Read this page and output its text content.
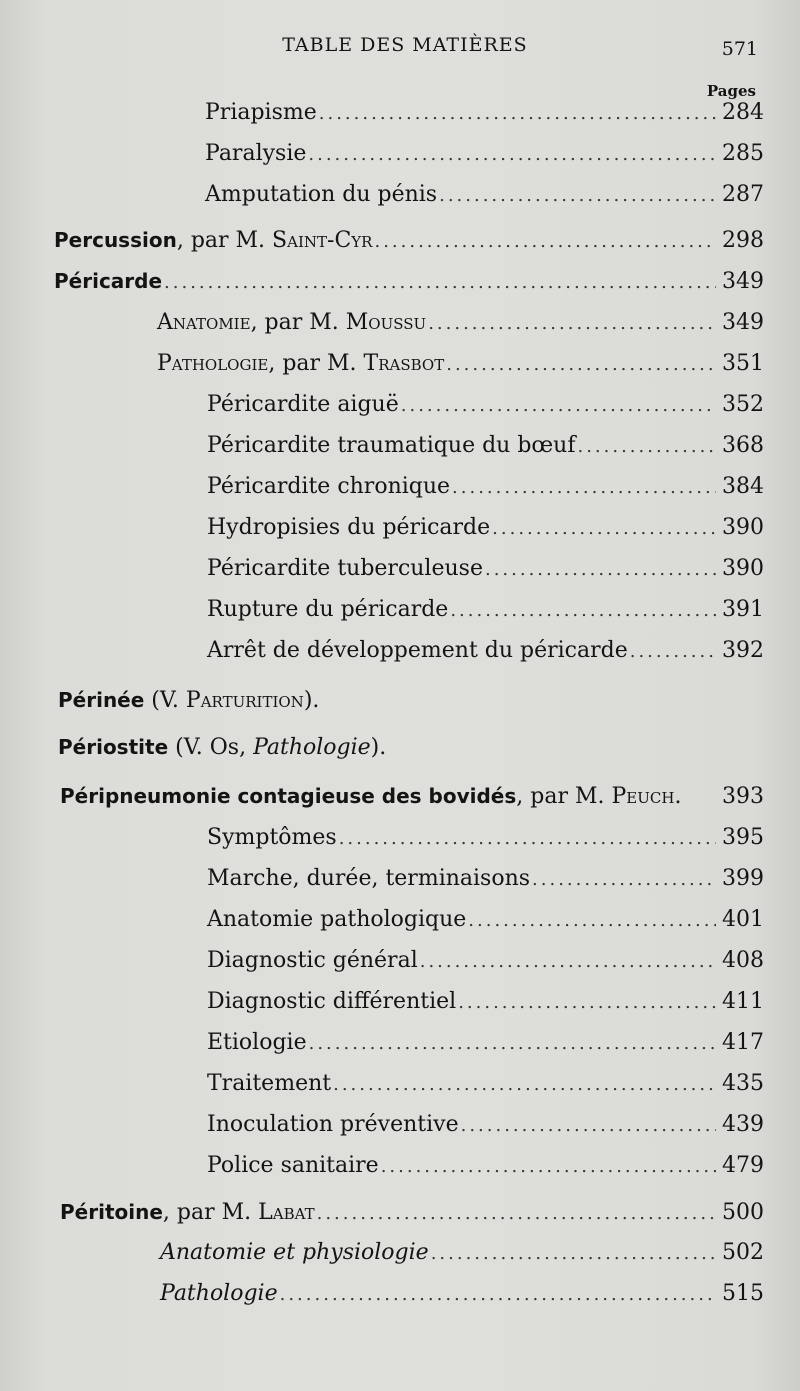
TABLE DES MATIÈRES	571
Pages
Priapisme .....	284
Paralysie .....	285
Amputation du pénis .....	287
Percussion, par M. Saint-Cyr .....	298
Péricarde .....	349
Anatomie, par M. Moussu .....	349
Pathologie, par M. Trasbot .....	351
Péricardite aiguë .....	352
Péricardite traumatique du bœuf .....	368
Péricardite chronique .....	384
Hydropisies du péricarde .....	390
Péricardite tuberculeuse .....	390
Rupture du péricarde .....	391
Arrêt de développement du péricarde .....	392
Périnée (V. Parturition).
Périostite (V. Os, Pathologie).
Péripneumonie contagieuse des bovidés, par M. Peuch. 393
Symptômes .....	395
Marche, durée, terminaisons .....	399
Anatomie pathologique .....	401
Diagnostic général .....	408
Diagnostic différentiel .....	411
Etiologie .....	417
Traitement .....	435
Inoculation préventive .....	439
Police sanitaire .....	479
Péritoine, par M. Labat .....	500
Anatomie et physiologie .....	502
Pathologie .....	515
